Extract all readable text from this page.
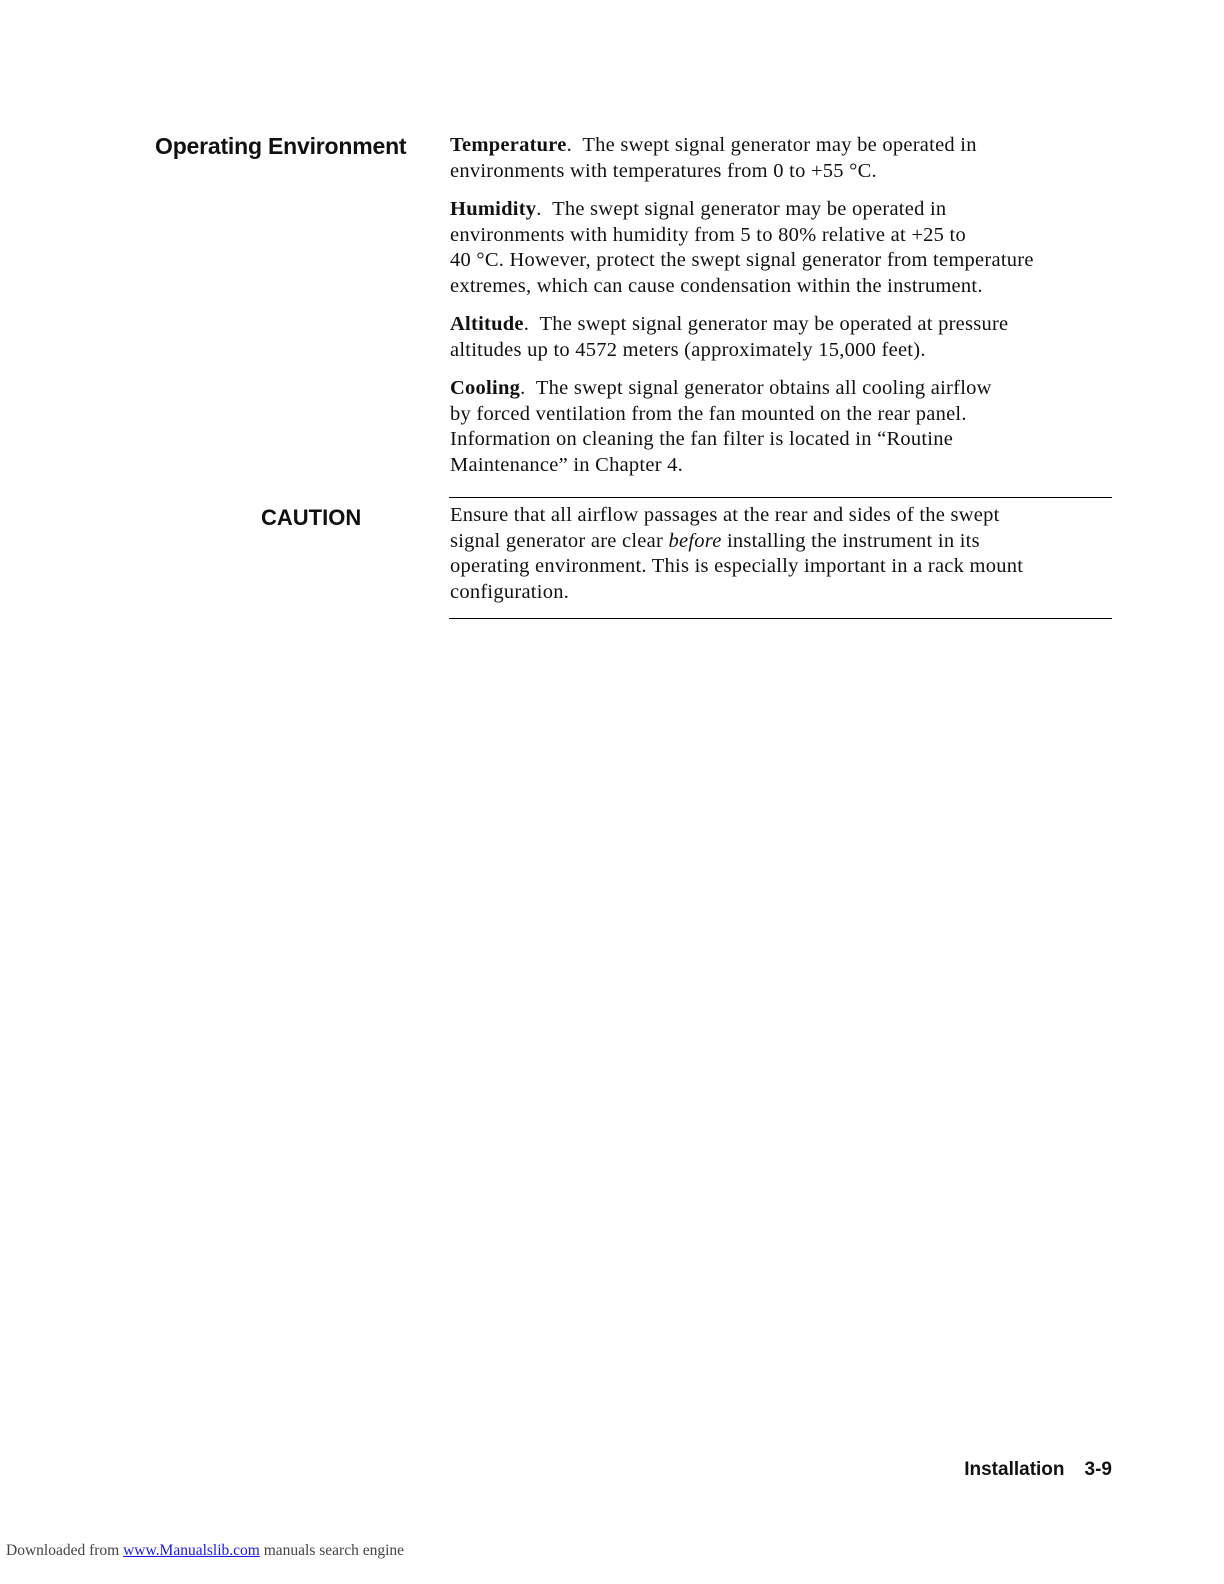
Operating Environment	Temperature.  The swept signal generator may be operated in
environments with temperatures from 0 to +55 °C.
Humidity.  The swept signal generator may be operated in
environments with humidity from 5 to 80% relative at +25 to
40 °C. However, protect the swept signal generator from temperature
extremes, which can cause condensation within the instrument.
Altitude.  The swept signal generator may be operated at pressure
altitudes up to 4572 meters (approximately 15,000 feet).
Cooling.  The swept signal generator obtains all cooling airflow
by forced ventilation from the fan mounted on the rear panel.
Information on cleaning the fan filter is located in “Routine
Maintenance” in Chapter 4.
CAUTION	Ensure that all airflow passages at the rear and sides of the swept
signal generator are clear before installing the instrument in its
operating environment. This is especially important in a rack mount
configuration.
Installation 3-9
Downloaded from www.Manualslib.com manuals search engine
